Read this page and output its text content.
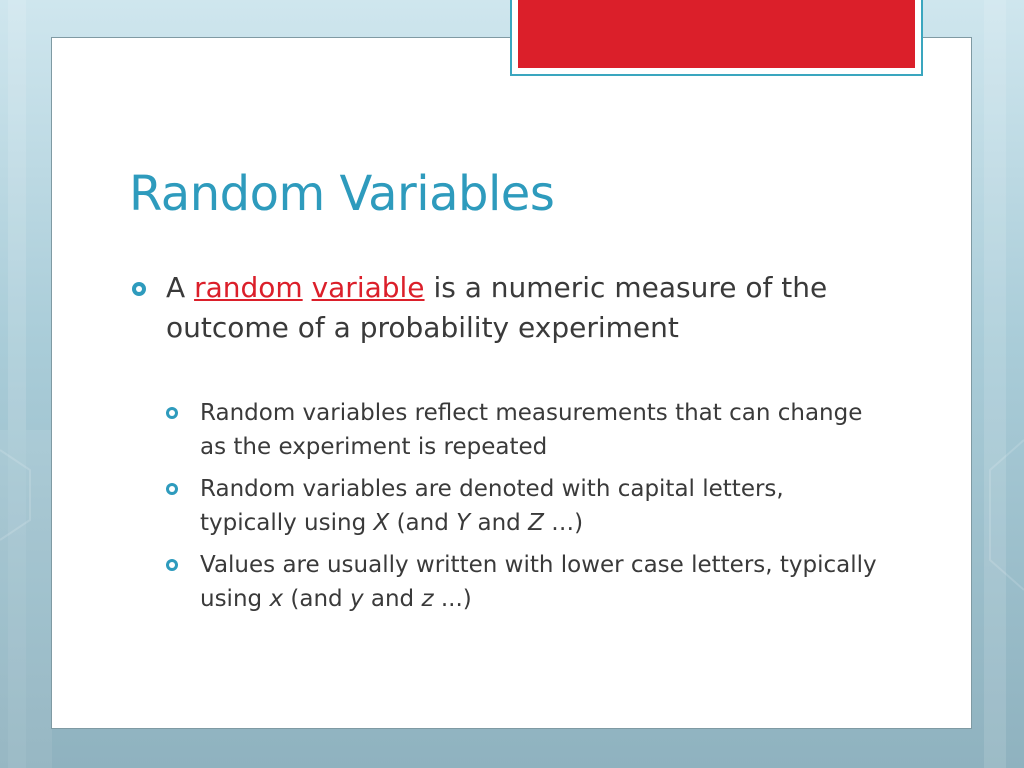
Random Variables
A random variable is a numeric measure of the outcome of a probability experiment
Random variables reflect measurements that can change as the experiment is repeated
Random variables are denoted with capital letters, typically using X (and Y and Z …)
Values are usually written with lower case letters, typically using x (and y and z ...)
